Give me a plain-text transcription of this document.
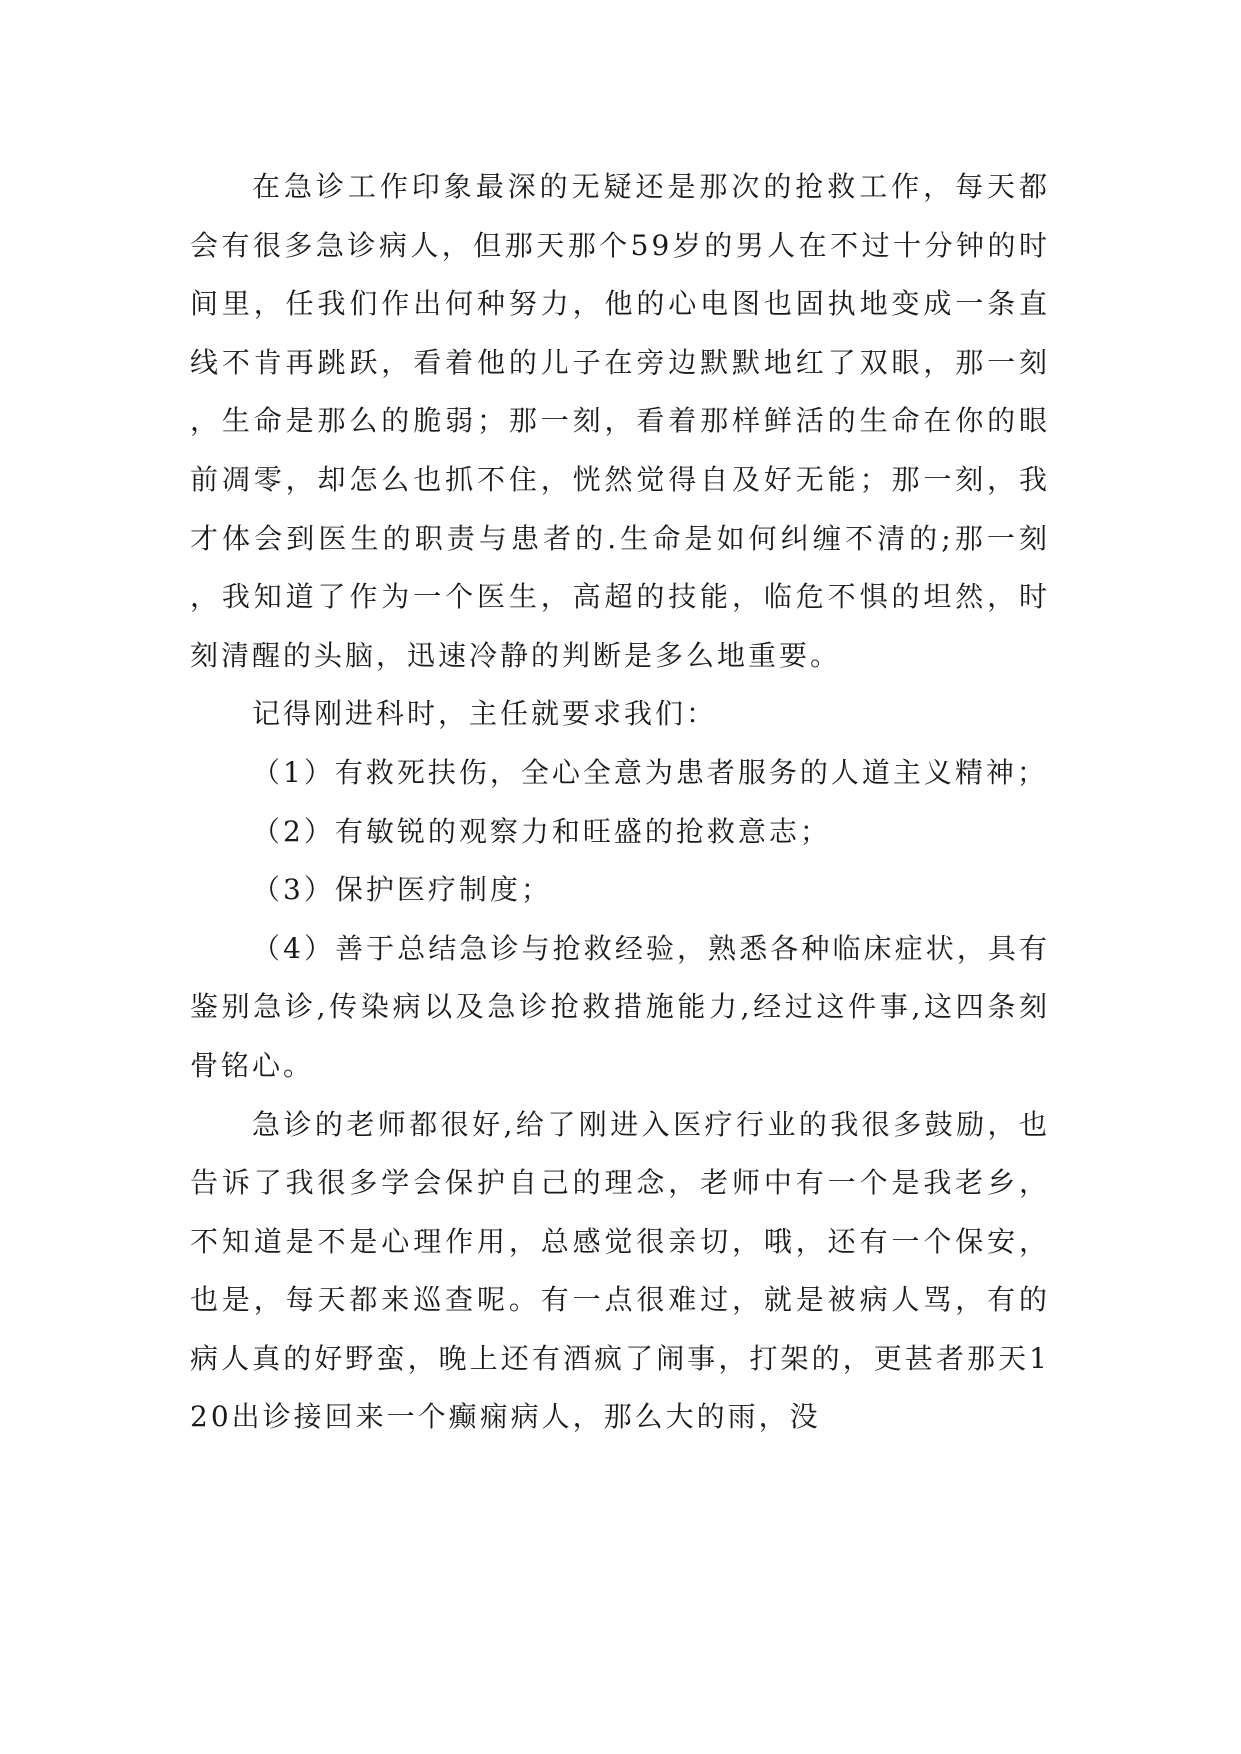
在急诊工作印象最深的无疑还是那次的抢救工作，每天都会有很多急诊病人，但那天那个59岁的男人在不过十分钟的时间里，任我们作出何种努力，他的心电图也固执地变成一条直线不肯再跳跃，看着他的儿子在旁边默默地红了双眼，那一刻，生命是那么的脆弱；那一刻，看着那样鲜活的生命在你的眼前凋零，却怎么也抓不住，恍然觉得自及好无能；那一刻，我才体会到医生的职责与患者的.生命是如何纠缠不清的;那一刻，我知道了作为一个医生，高超的技能，临危不惧的坦然，时刻清醒的头脑，迅速冷静的判断是多么地重要。

记得刚进科时，主任就要求我们：

（1）有救死扶伤，全心全意为患者服务的人道主义精神；

（2）有敏锐的观察力和旺盛的抢救意志；

（3）保护医疗制度；

（4）善于总结急诊与抢救经验，熟悉各种临床症状，具有鉴别急诊,传染病以及急诊抢救措施能力,经过这件事,这四条刻骨铭心。

急诊的老师都很好,给了刚进入医疗行业的我很多鼓励，也告诉了我很多学会保护自己的理念，老师中有一个是我老乡，不知道是不是心理作用，总感觉很亲切，哦，还有一个保安，也是，每天都来巡查呢。有一点很难过，就是被病人骂，有的病人真的好野蛮，晚上还有酒疯了闹事，打架的，更甚者那天120出诊接回来一个癫痫病人，那么大的雨，没
